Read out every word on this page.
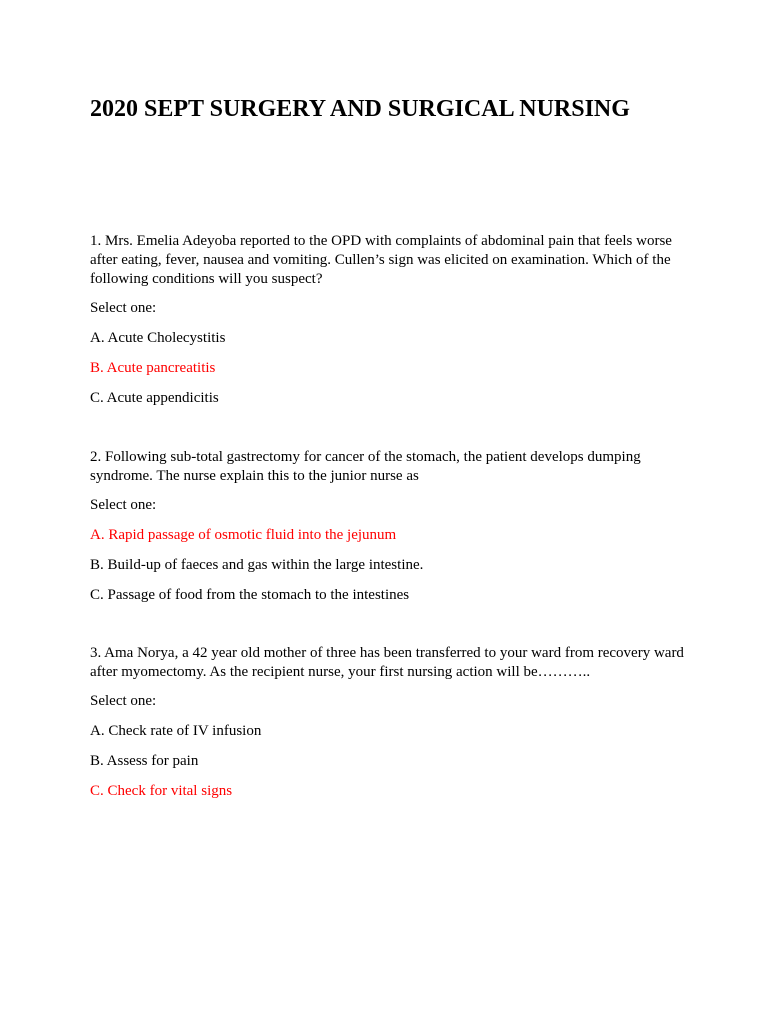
2020 SEPT SURGERY AND SURGICAL NURSING

1. Mrs. Emelia Adeyoba reported to the OPD with complaints of abdominal pain that feels worse after eating, fever, nausea and vomiting. Cullen’s sign was elicited on examination. Which of the following conditions will you suspect?

Select one:

A. Acute Cholecystitis

B. Acute pancreatitis

C. Acute appendicitis

2. Following sub-total gastrectomy for cancer of the stomach, the patient develops dumping syndrome. The nurse explain this to the junior nurse as

Select one:

A. Rapid passage of osmotic fluid into the jejunum

B. Build-up of faeces and gas within the large intestine.

C. Passage of food from the stomach to the intestines

3. Ama Norya, a 42 year old mother of three has been transferred to your ward from recovery ward after myomectomy. As the recipient nurse, your first nursing action will be………..

Select one:

A. Check rate of IV infusion

B. Assess for pain

C. Check for vital signs
